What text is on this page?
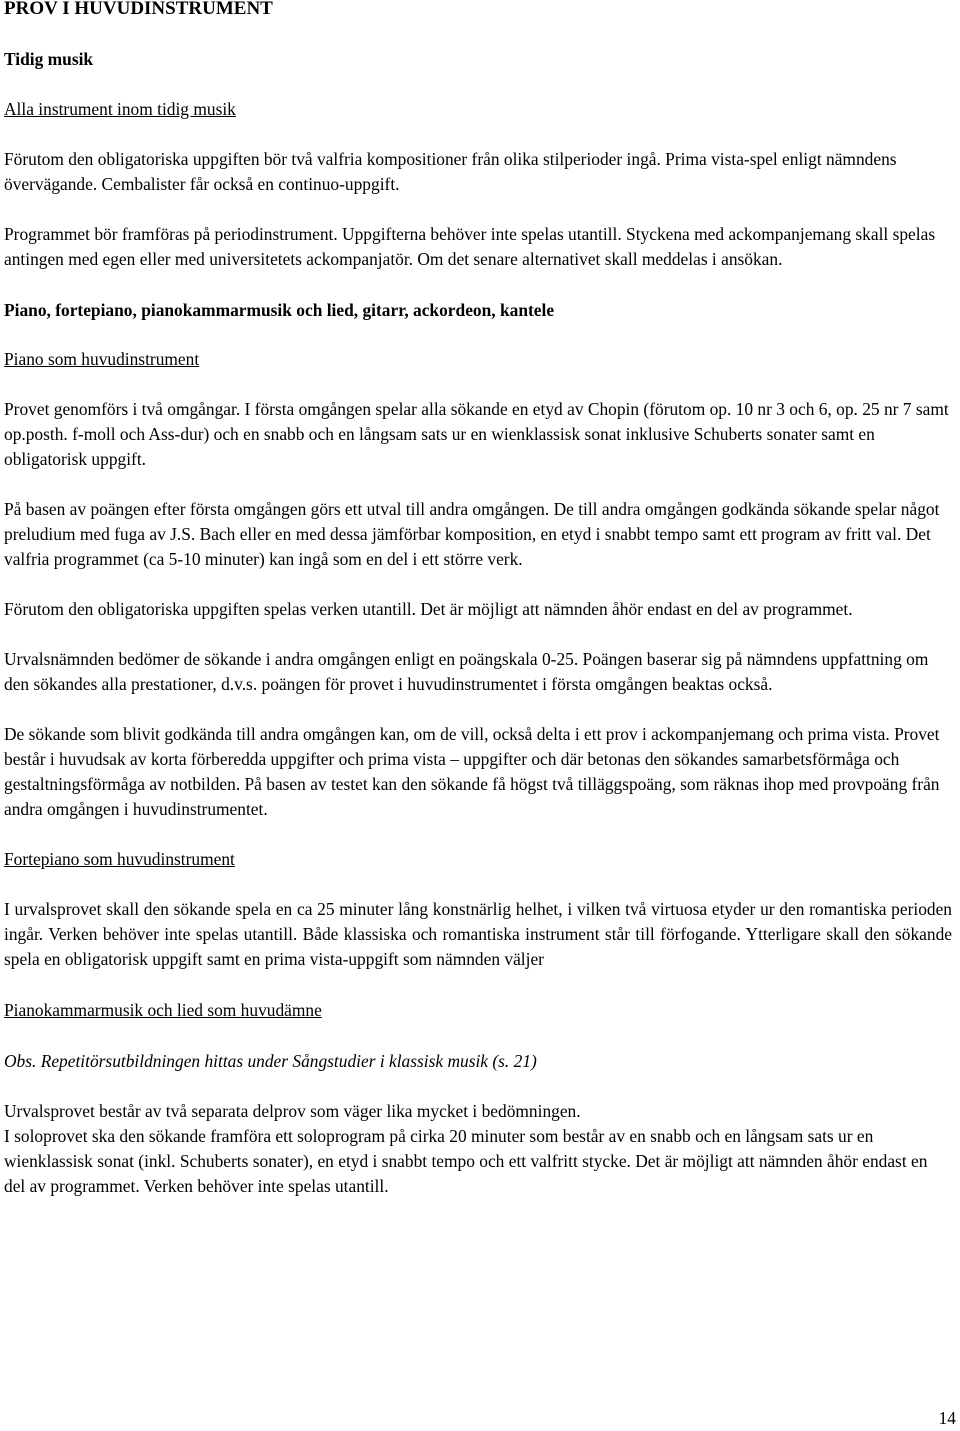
PROV I HUVUDINSTRUMENT
Tidig musik

Alla instrument inom tidig musik

Förutom den obligatoriska uppgiften bör två valfria kompositioner från olika stilperioder ingå. Prima vista-spel enligt nämndens övervägande. Cembalister får också en continuo-uppgift.

Programmet bör framföras på periodinstrument. Uppgifterna behöver inte spelas utantill. Styckena med ackompanjemang skall spelas antingen med egen eller med universitetets ackompanjatör. Om det senare alternativet skall meddelas i ansökan.

Piano, fortepiano, pianokammarmusik och lied, gitarr, ackordeon, kantele

Piano som huvudinstrument

Provet genomförs i två omgångar. I första omgången spelar alla sökande en etyd av Chopin (förutom op. 10 nr 3 och 6, op. 25 nr 7 samt op.posth. f-moll och Ass-dur) och en snabb och en långsam sats ur en wienklassisk sonat inklusive Schuberts sonater samt en obligatorisk uppgift.

På basen av poängen efter första omgången görs ett utval till andra omgången. De till andra omgången godkända sökande spelar något preludium med fuga av J.S. Bach eller en med dessa jämförbar komposition, en etyd i snabbt tempo samt ett program av fritt val. Det valfria programmet (ca 5-10 minuter) kan ingå som en del i ett större verk.

Förutom den obligatoriska uppgiften spelas verken utantill. Det är möjligt att nämnden åhör endast en del av programmet.

Urvalsnämnden bedömer de sökande i andra omgången enligt en poängskala 0-25. Poängen baserar sig på nämndens uppfattning om den sökandes alla prestationer, d.v.s. poängen för provet i huvudinstrumentet i första omgången beaktas också.

De sökande som blivit godkända till andra omgången kan, om de vill, också delta i ett prov i ackompanjemang och prima vista. Provet består i huvudsak av korta förberedda uppgifter och prima vista – uppgifter och där betonas den sökandes samarbetsförmåga och gestaltningsförmåga av notbilden. På basen av testet kan den sökande få högst två tilläggspoäng, som räknas ihop med provpoäng från andra omgången i huvudinstrumentet.

Fortepiano som huvudinstrument

I urvalsprovet skall den sökande spela en ca 25 minuter lång konstnärlig helhet, i vilken två virtuosa etyder ur den romantiska perioden ingår. Verken behöver inte spelas utantill. Både klassiska och romantiska instrument står till förfogande. Ytterligare skall den sökande spela en obligatorisk uppgift samt en prima vista-uppgift som nämnden väljer

Pianokammarmusik och lied som huvudämne

Obs. Repetitörsutbildningen hittas under Sångstudier i klassisk musik (s. 21)

Urvalsprovet består av två separata delprov som väger lika mycket i bedömningen.

I soloprovet ska den sökande framföra ett soloprogram på cirka 20 minuter som består av en snabb och en långsam sats ur en wienklassisk sonat (inkl. Schuberts sonater), en etyd i snabbt tempo och ett valfritt stycke. Det är möjligt att nämnden åhör endast en del av programmet. Verken behöver inte spelas utantill.

14
